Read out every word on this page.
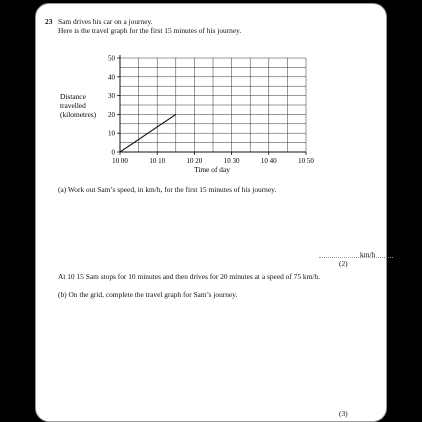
23 Sam drives his car on a journey.
Here is the travel graph for the first 15 minutes of his journey.
0
10
20
30
40
50
10 00	10 10	10 20	10 30	10 40	10 50
Distance
travelled
(kilometres)
Time of day
(a) Work out Sam’s speed, in km/h, for the first 15 minutes of his journey.
km/h
(2)
At 10 15 Sam stops for 10 minutes and then drives for 20 minutes at a speed of 75 km/h.
(b) On the grid, complete the travel graph for Sam’s journey.
(3)
